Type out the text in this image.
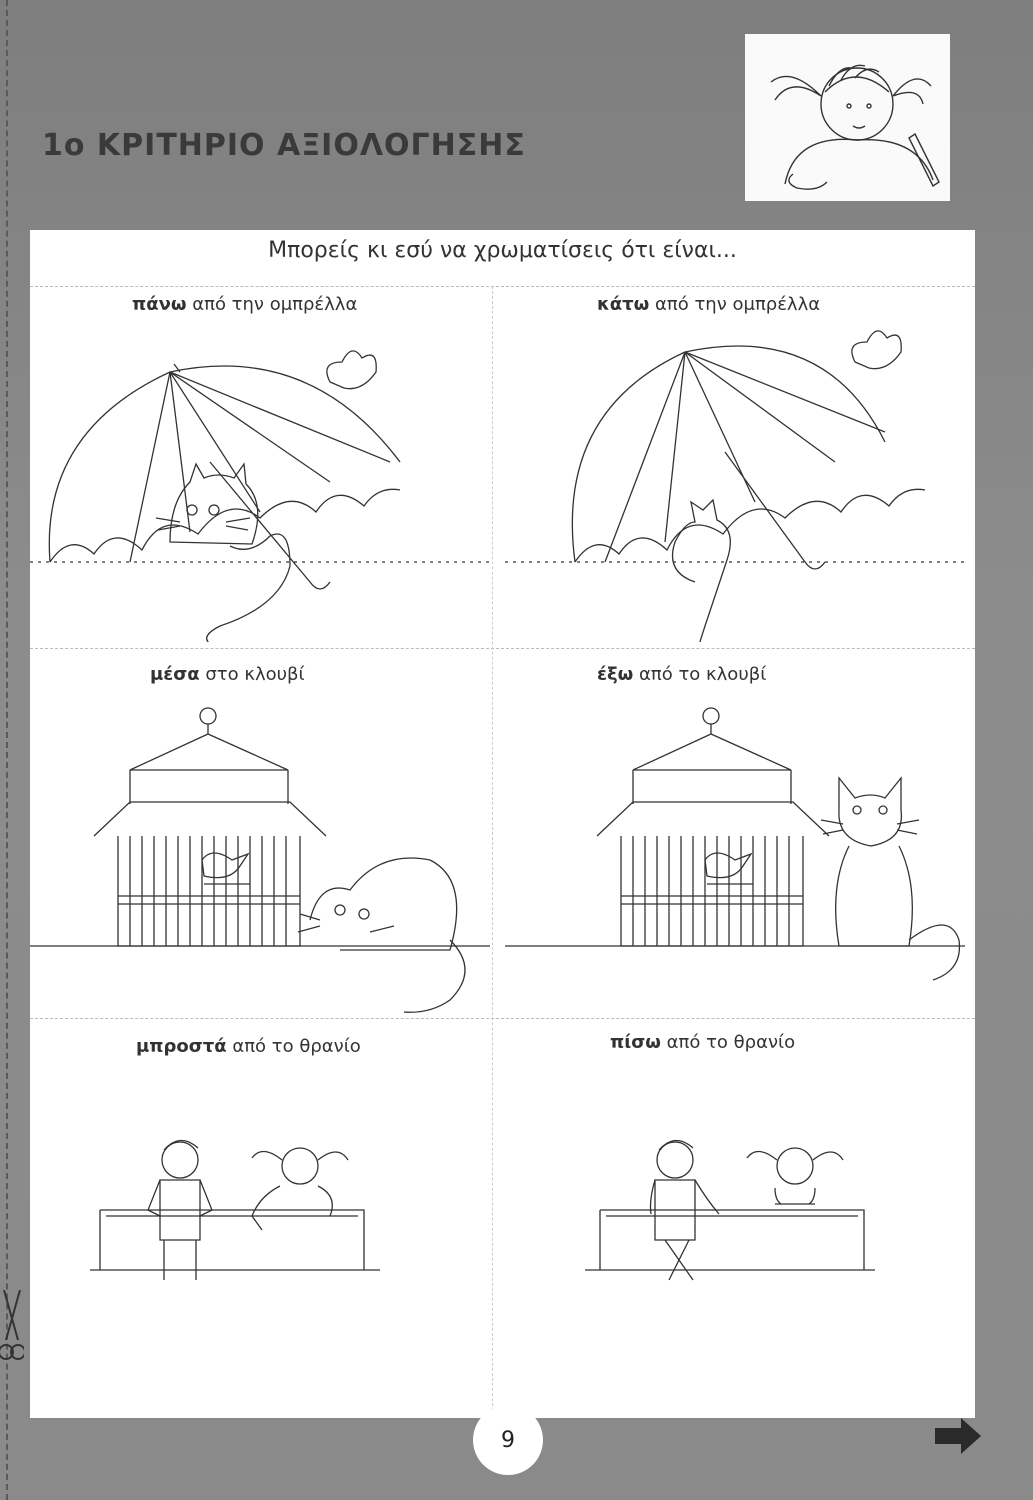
1ο ΚΡΙΤΗΡΙΟ ΑΞΙΟΛΟΓΗΣΗΣ
Μπορείς κι εσύ να χρωματίσεις ότι είναι...
πάνω από την ομπρέλλα	κάτω από την ομπρέλλα
μέσα στο κλουβί	έξω από το κλουβί
μπροστά από το θρανίο	πίσω από το θρανίο
9
